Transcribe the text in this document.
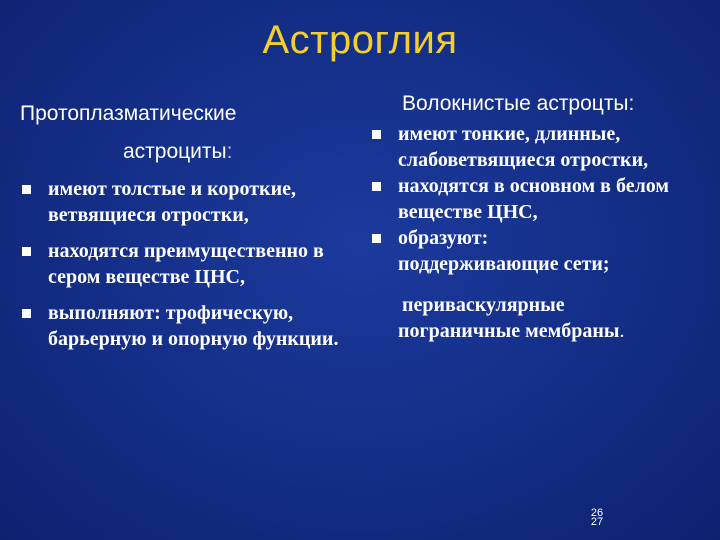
Астроглия
Протоплазматические
астроциты:
имеют толстые и короткие, ветвящиеся отростки,
находятся преимущественно в сером веществе ЦНС,
выполняют: трофическую, барьерную и опорную функции.
Волокнистые астроцты:
имеют тонкие, длинные, слабоветвящиеся отростки,
находятся в основном в белом веществе ЦНС,
образуют: поддерживающие сети;
периваскулярные
пограничные мембраны.
26
27
